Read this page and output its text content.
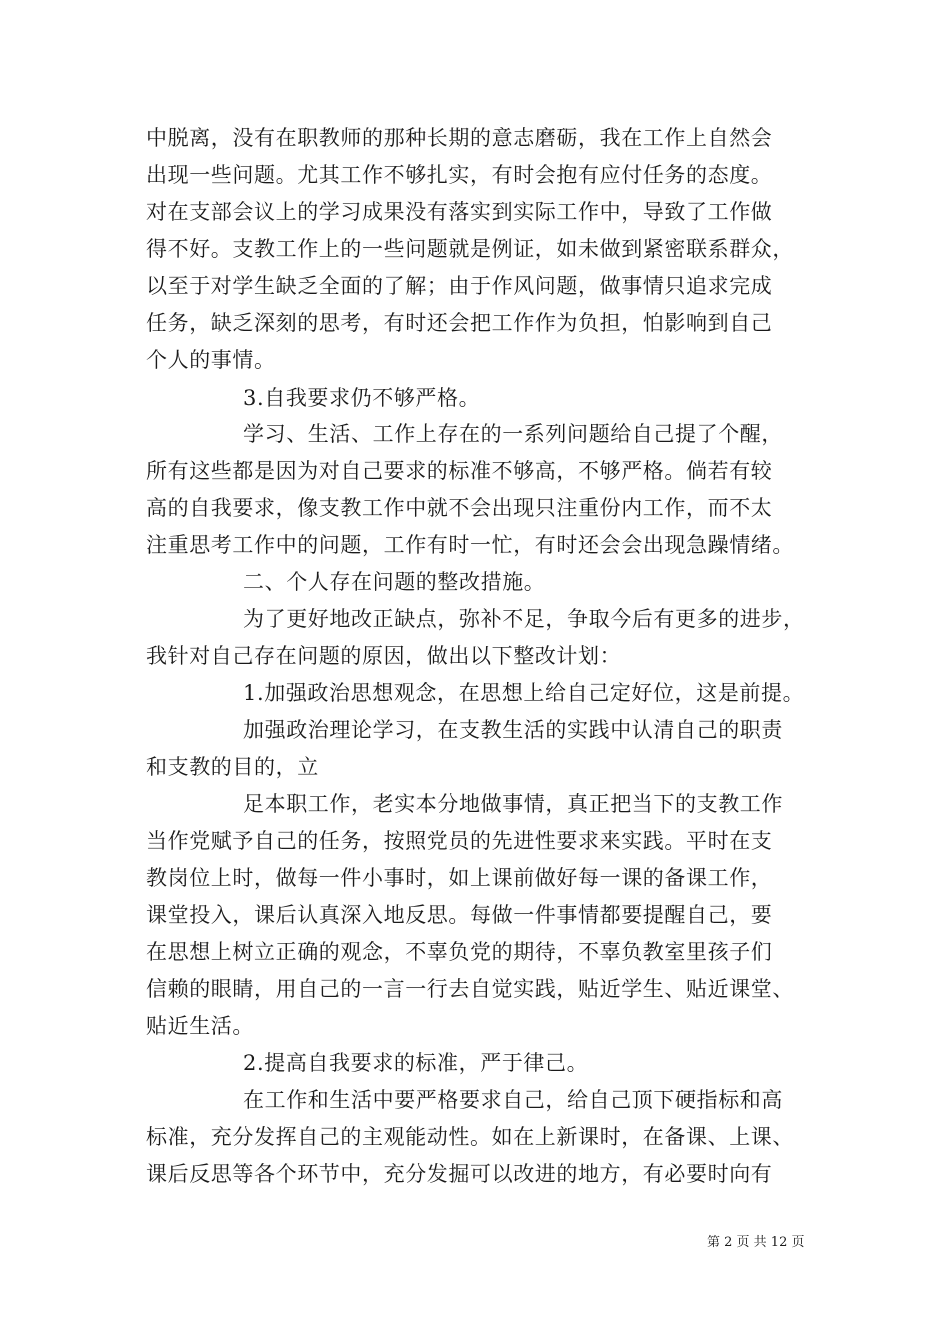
中脱离，没有在职教师的那种长期的意志磨砺，我在工作上自然会
出现一些问题。尤其工作不够扎实，有时会抱有应付任务的态度。
对在支部会议上的学习成果没有落实到实际工作中，导致了工作做
得不好。支教工作上的一些问题就是例证，如未做到紧密联系群众，
以至于对学生缺乏全面的了解；由于作风问题，做事情只追求完成
任务，缺乏深刻的思考，有时还会把工作作为负担，怕影响到自己
个人的事情。
3.自我要求仍不够严格。
学习、生活、工作上存在的一系列问题给自己提了个醒，
所有这些都是因为对自己要求的标准不够高，不够严格。倘若有较
高的自我要求，像支教工作中就不会出现只注重份内工作，而不太
注重思考工作中的问题，工作有时一忙，有时还会会出现急躁情绪。
二、个人存在问题的整改措施。
为了更好地改正缺点，弥补不足，争取今后有更多的进步，
我针对自己存在问题的原因，做出以下整改计划：
1.加强政治思想观念，在思想上给自己定好位，这是前提。
加强政治理论学习，在支教生活的实践中认清自己的职责
和支教的目的，立
足本职工作，老实本分地做事情，真正把当下的支教工作
当作党赋予自己的任务，按照党员的先进性要求来实践。平时在支
教岗位上时，做每一件小事时，如上课前做好每一课的备课工作，
课堂投入，课后认真深入地反思。每做一件事情都要提醒自己，要
在思想上树立正确的观念，不辜负党的期待，不辜负教室里孩子们
信赖的眼睛，用自己的一言一行去自觉实践，贴近学生、贴近课堂、
贴近生活。
2.提高自我要求的标准，严于律己。
在工作和生活中要严格要求自己，给自己顶下硬指标和高
标准，充分发挥自己的主观能动性。如在上新课时，在备课、上课、
课后反思等各个环节中，充分发掘可以改进的地方，有必要时向有
第 2 页 共 12 页
